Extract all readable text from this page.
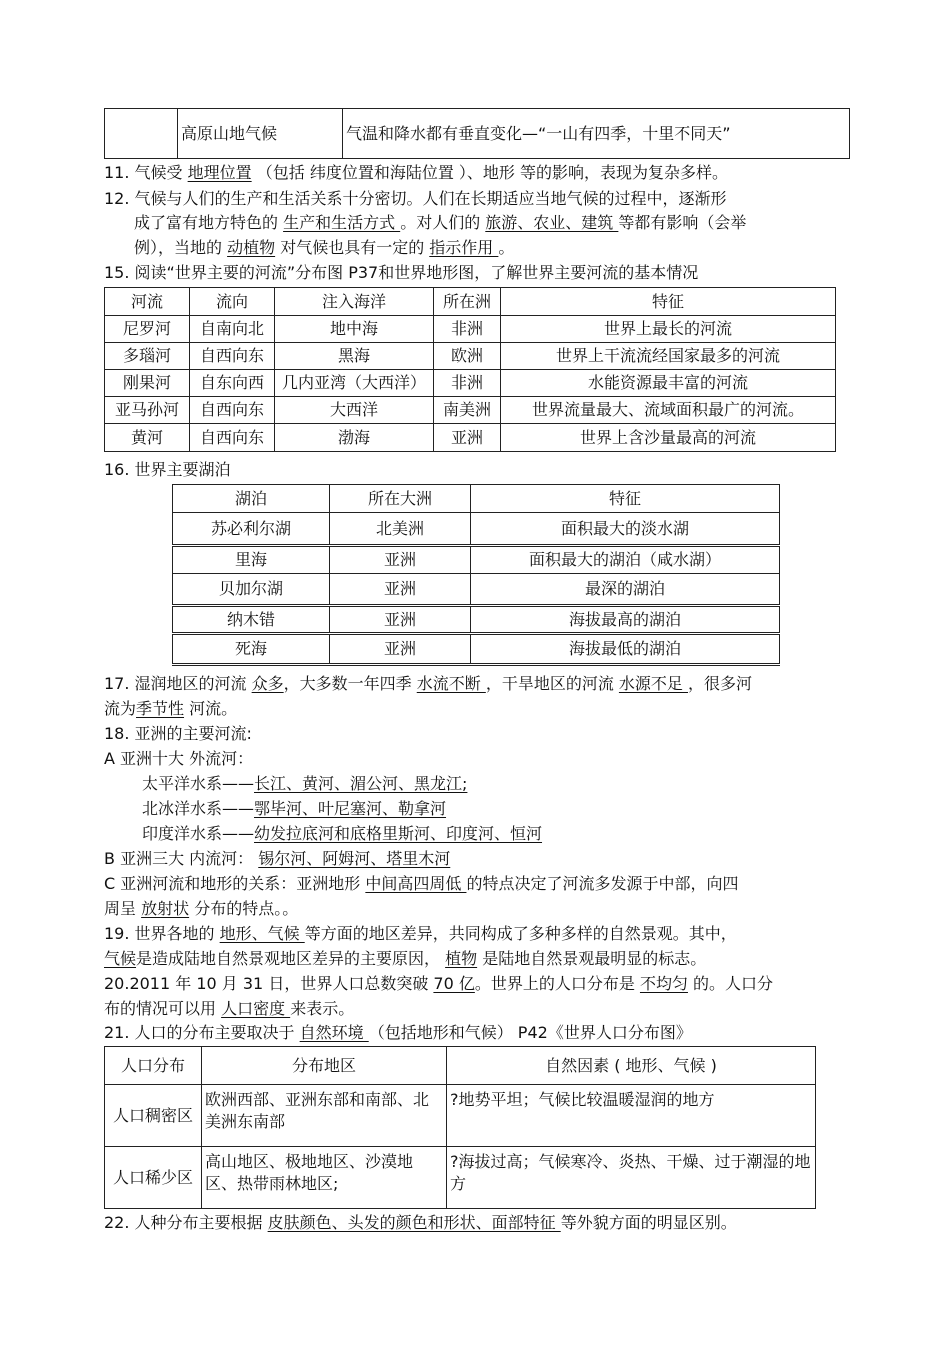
	高原山地气候	气温和降水都有垂直变化—“一山有四季，十里不同天”
11. 气候受 地理位置 （包括 纬度位置和海陆位置 ）、地形 等的影响，表现为复杂多样。
12. 气候与人们的生产和生活关系十分密切。人们在长期适应当地气候的过程中，逐渐形
成了富有地方特色的 生产和生活方式 。对人们的 旅游、农业、建筑 等都有影响（会举
例），当地的 动植物 对气候也具有一定的 指示作用 。
15. 阅读“世界主要的河流”分布图 P37和世界地形图，了解世界主要河流的基本情况
河流	流向	注入海洋	所在洲	特征
尼罗河	自南向北	地中海	非洲	世界上最长的河流
多瑙河	自西向东	黑海	欧洲	世界上干流流经国家最多的河流
刚果河	自东向西	几内亚湾（大西洋）	非洲	水能资源最丰富的河流
亚马孙河	自西向东	大西洋	南美洲	世界流量最大、流域面积最广的河流。
黄河	自西向东	渤海	亚洲	世界上含沙量最高的河流
16. 世界主要湖泊
湖泊	所在大洲	特征
苏必利尔湖	北美洲	面积最大的淡水湖
里海	亚洲	面积最大的湖泊（咸水湖）
贝加尔湖	亚洲	最深的湖泊
纳木错	亚洲	海拔最高的湖泊
死海	亚洲	海拔最低的湖泊
17. 湿润地区的河流 众多，大多数一年四季 水流不断 ，干旱地区的河流 水源不足 ，很多河
流为季节性 河流。
18. 亚洲的主要河流:
A 亚洲十大 外流河：
太平洋水系——长江、黄河、湄公河、黑龙江;
北冰洋水系——鄂毕河、叶尼塞河、勒拿河
印度洋水系——幼发拉底河和底格里斯河、印度河、恒河
B 亚洲三大 内流河： 锡尔河、阿姆河、塔里木河
C 亚洲河流和地形的关系：亚洲地形 中间高四周低 的特点决定了河流多发源于中部，向四
周呈 放射状 分布的特点。。
19. 世界各地的 地形、气候 等方面的地区差异，共同构成了多种多样的自然景观。其中，
气候是造成陆地自然景观地区差异的主要原因， 植物 是陆地自然景观最明显的标志。
20.2011 年 10 月 31 日，世界人口总数突破 70 亿。世界上的人口分布是 不均匀 的。人口分
布的情况可以用 人口密度 来表示。
21. 人口的分布主要取决于 自然环境 （包括地形和气候） P42《世界人口分布图》
人口分布	分布地区	自然因素 ( 地形、气候 )
人口稠密区	欧洲西部、亚洲东部和南部、北美洲东南部	?地势平坦；气候比较温暖湿润的地方
人口稀少区	高山地区、极地地区、沙漠地区、热带雨林地区;	?海拔过高；气候寒冷、炎热、干燥、过于潮湿的地方
22. 人种分布主要根据 皮肤颜色、头发的颜色和形状、面部特征 等外貌方面的明显区别。
